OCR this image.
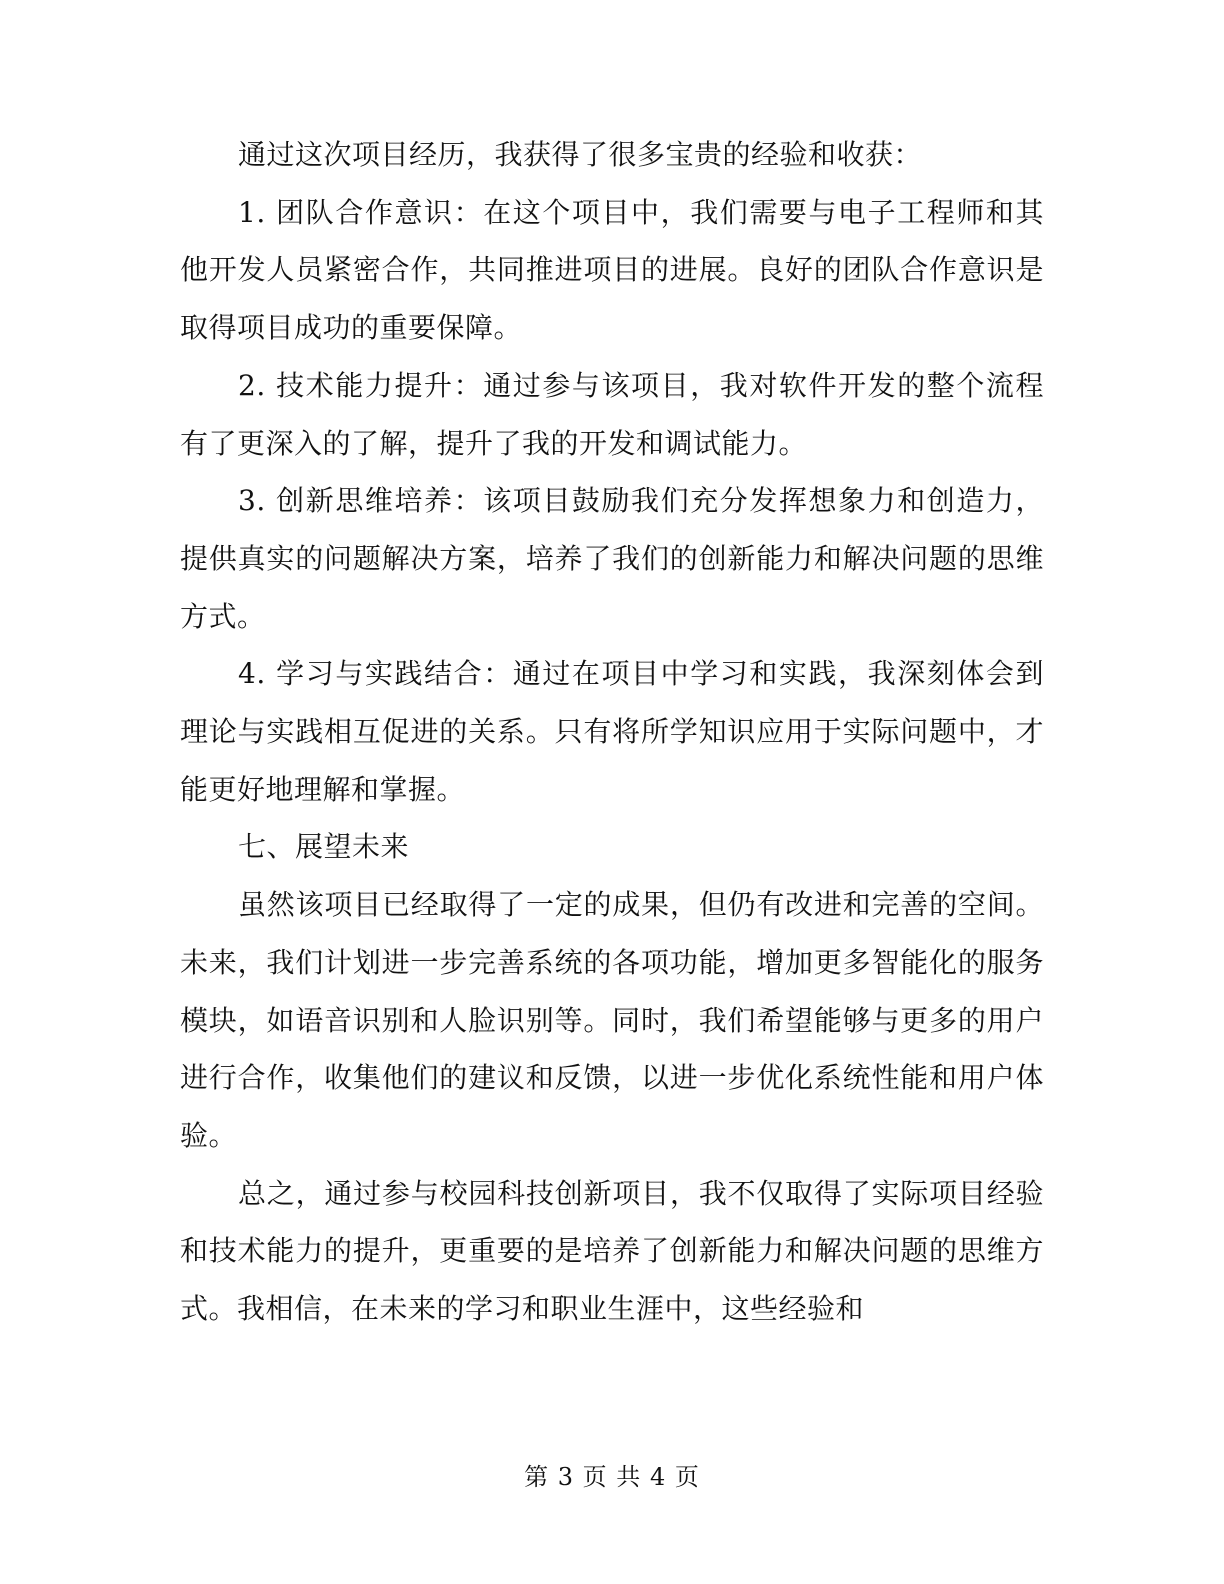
通过这次项目经历，我获得了很多宝贵的经验和收获：

1. 团队合作意识：在这个项目中，我们需要与电子工程师和其他开发人员紧密合作，共同推进项目的进展。良好的团队合作意识是取得项目成功的重要保障。

2. 技术能力提升：通过参与该项目，我对软件开发的整个流程有了更深入的了解，提升了我的开发和调试能力。

3. 创新思维培养：该项目鼓励我们充分发挥想象力和创造力，提供真实的问题解决方案，培养了我们的创新能力和解决问题的思维方式。

4. 学习与实践结合：通过在项目中学习和实践，我深刻体会到理论与实践相互促进的关系。只有将所学知识应用于实际问题中，才能更好地理解和掌握。

七、展望未来

虽然该项目已经取得了一定的成果，但仍有改进和完善的空间。未来，我们计划进一步完善系统的各项功能，增加更多智能化的服务模块，如语音识别和人脸识别等。同时，我们希望能够与更多的用户进行合作，收集他们的建议和反馈，以进一步优化系统性能和用户体验。

总之，通过参与校园科技创新项目，我不仅取得了实际项目经验和技术能力的提升，更重要的是培养了创新能力和解决问题的思维方式。我相信，在未来的学习和职业生涯中，这些经验和

第 3 页 共 4 页
